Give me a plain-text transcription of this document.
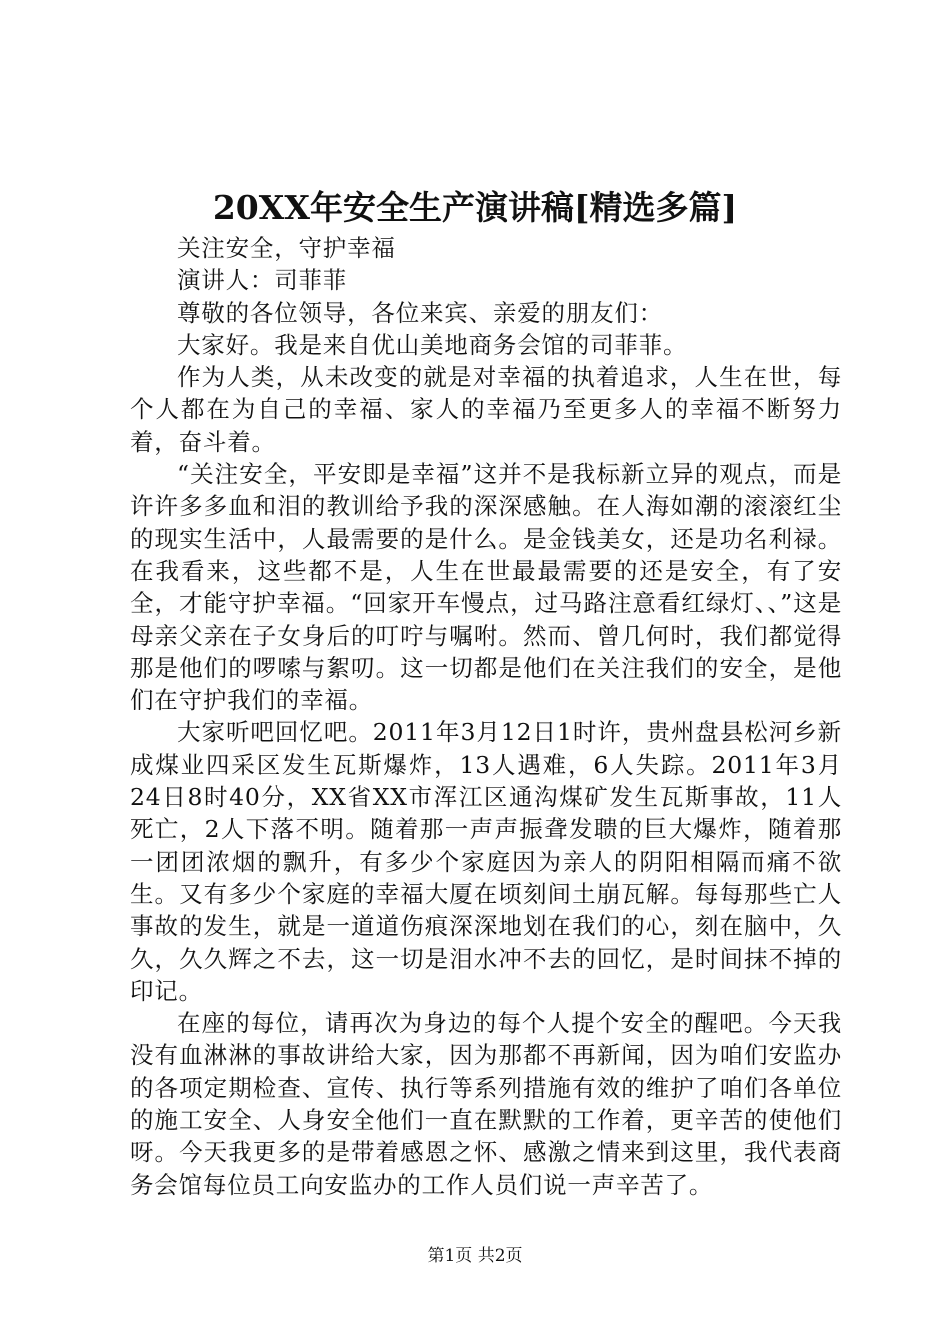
20XX年安全生产演讲稿[精选多篇]

关注安全，守护幸福

演讲人：司菲菲

尊敬的各位领导，各位来宾、亲爱的朋友们：

大家好。我是来自优山美地商务会馆的司菲菲。

作为人类，从未改变的就是对幸福的执着追求，人生在世，每个人都在为自己的幸福、家人的幸福乃至更多人的幸福不断努力着，奋斗着。

“关注安全，平安即是幸福”这并不是我标新立异的观点，而是许许多多血和泪的教训给予我的深深感触。在人海如潮的滚滚红尘的现实生活中，人最需要的是什么。是金钱美女，还是功名利禄。在我看来，这些都不是，人生在世最最需要的还是安全，有了安全，才能守护幸福。“回家开车慢点，过马路注意看红绿灯、、”这是母亲父亲在子女身后的叮咛与嘱咐。然而、曾几何时，我们都觉得那是他们的啰嗦与絮叨。这一切都是他们在关注我们的安全，是他们在守护我们的幸福。

大家听吧回忆吧。2011年3月12日1时许，贵州盘县松河乡新成煤业四采区发生瓦斯爆炸，13人遇难，6人失踪。2011年3月24日8时40分，XX省XX市浑江区通沟煤矿发生瓦斯事故，11人死亡，2人下落不明。随着那一声声振聋发聩的巨大爆炸，随着那一团团浓烟的飘升，有多少个家庭因为亲人的阴阳相隔而痛不欲生。又有多少个家庭的幸福大厦在顷刻间土崩瓦解。每每那些亡人事故的发生，就是一道道伤痕深深地划在我们的心，刻在脑中，久久，久久辉之不去，这一切是泪水冲不去的回忆，是时间抹不掉的印记。

在座的每位，请再次为身边的每个人提个安全的醒吧。今天我没有血淋淋的事故讲给大家，因为那都不再新闻，因为咱们安监办的各项定期检查、宣传、执行等系列措施有效的维护了咱们各单位的施工安全、人身安全他们一直在默默的工作着，更辛苦的使他们呀。今天我更多的是带着感恩之怀、感激之情来到这里，我代表商务会馆每位员工向安监办的工作人员们说一声辛苦了。

第1页 共2页
